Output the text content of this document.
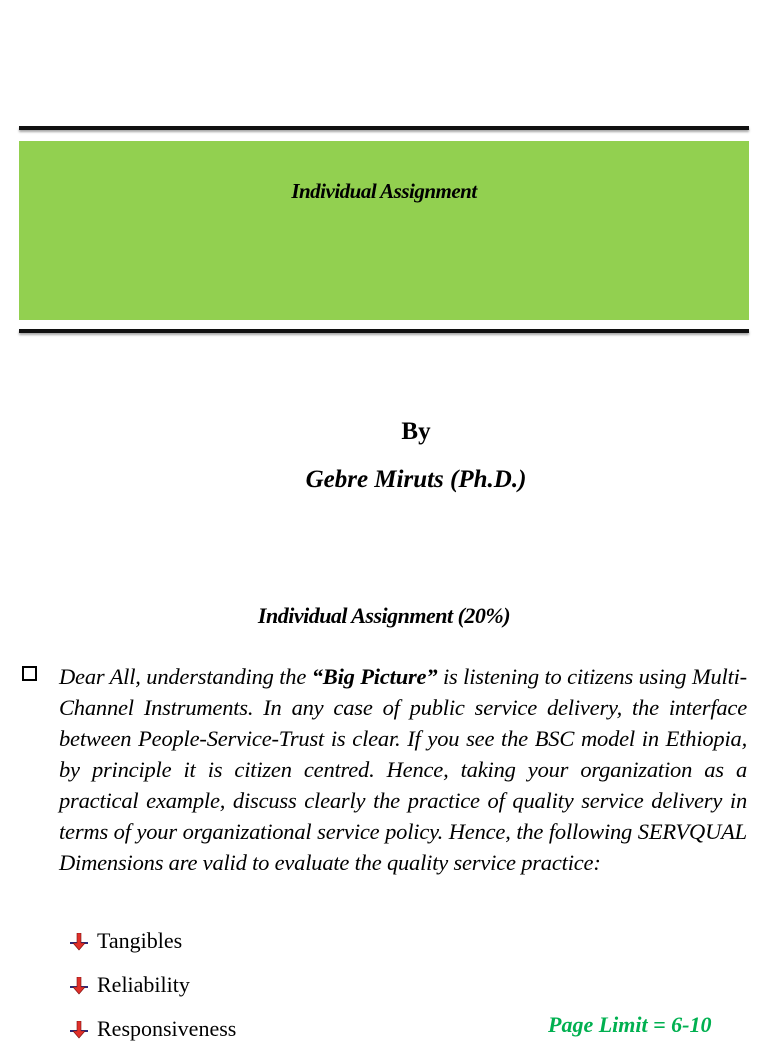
Individual Assignment
By
Gebre Miruts (Ph.D.)
Individual Assignment (20%)
Dear All, understanding the “Big Picture” is listening to citizens using Multi-Channel Instruments. In any case of public service delivery, the interface between People-Service-Trust is clear. If you see the BSC model in Ethiopia, by principle it is citizen centred. Hence, taking your organization as a practical example, discuss clearly the practice of quality service delivery in terms of your organizational service policy. Hence, the following SERVQUAL Dimensions are valid to evaluate the quality service practice:
Tangibles
Reliability
Responsiveness	Page Limit = 6-10
